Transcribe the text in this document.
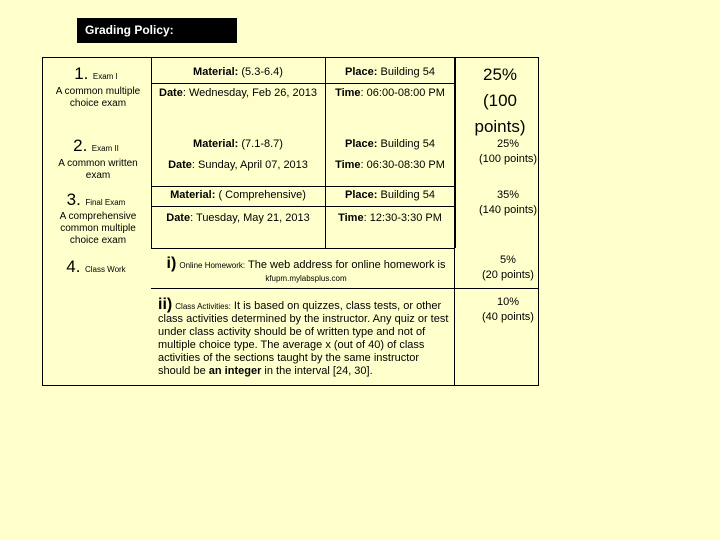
Grading Policy:
1. Exam I
A common multiple choice exam
Material: (5.3-6.4)
Date: Wednesday, Feb 26, 2013
Place: Building 54
Time: 06:00-08:00 PM
25%
(100 points)
2. Exam II
A common written exam
Material: (7.1-8.7)
Date: Sunday, April 07, 2013
Place: Building 54
Time: 06:30-08:30 PM
25%
(100 points)
3. Final Exam
A comprehensive common multiple choice exam
Material: ( Comprehensive)
Date: Tuesday, May 21, 2013
Place: Building 54
Time: 12:30-3:30 PM
35%
(140 points)
4. Class Work	i) Online Homework: The web address for online homework is kfupm.mylabsplus.com
5%
(20 points)
ii) Class Activities: It is based on quizzes, class tests, or other class activities determined by the instructor. Any quiz or test under class activity should be of written type and not of multiple choice type. The average x (out of 40) of class activities of the sections taught by the same instructor should be an integer in the interval [24, 30].
10%
(40 points)
